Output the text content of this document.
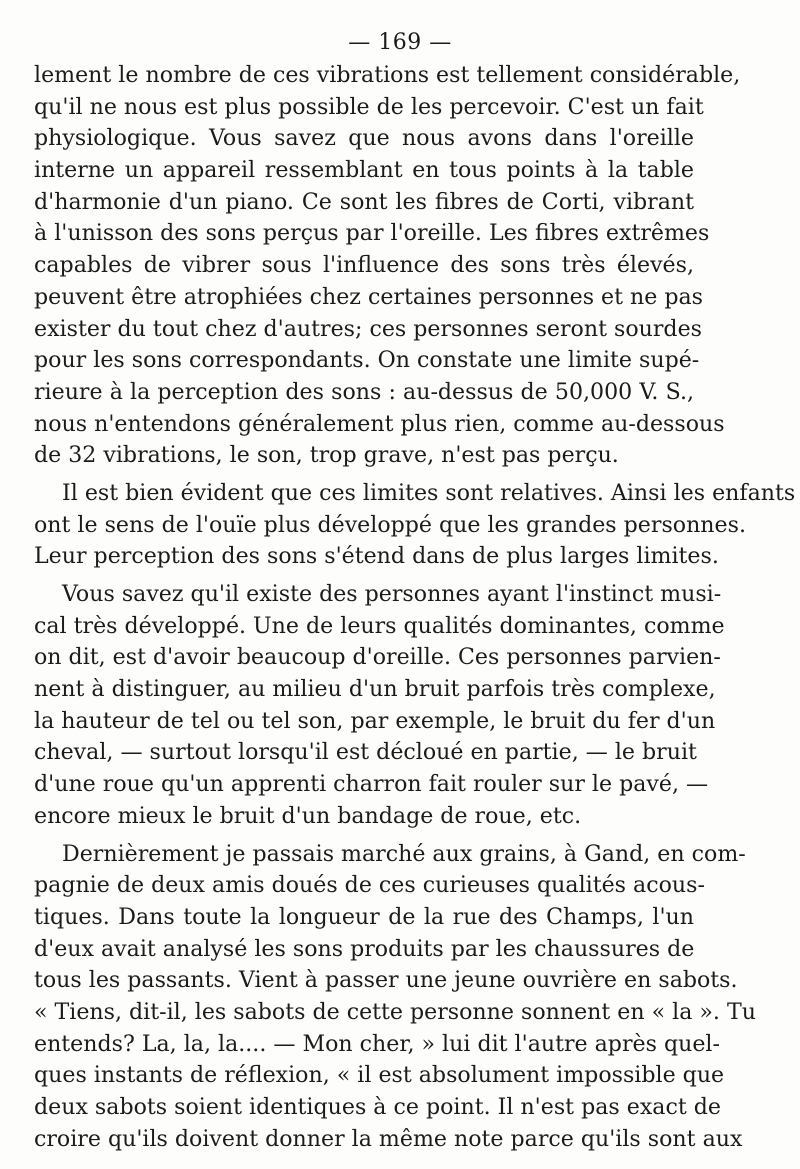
— 169 —
lement le nombre de ces vibrations est tellement considérable,
qu'il ne nous est plus possible de les percevoir. C'est un fait
physiologique. Vous savez que nous avons dans l'oreille
interne un appareil ressemblant en tous points à la table
d'harmonie d'un piano. Ce sont les fibres de Corti, vibrant
à l'unisson des sons perçus par l'oreille. Les fibres extrêmes
capables de vibrer sous l'influence des sons très élevés,
peuvent être atrophiées chez certaines personnes et ne pas
exister du tout chez d'autres; ces personnes seront sourdes
pour les sons correspondants. On constate une limite supé-
rieure à la perception des sons : au-dessus de 50,000 V. S.,
nous n'entendons généralement plus rien, comme au-dessous
de 32 vibrations, le son, trop grave, n'est pas perçu.
Il est bien évident que ces limites sont relatives. Ainsi les enfants
ont le sens de l'ouïe plus développé que les grandes personnes.
Leur perception des sons s'étend dans de plus larges limites.
Vous savez qu'il existe des personnes ayant l'instinct musi-
cal très développé. Une de leurs qualités dominantes, comme
on dit, est d'avoir beaucoup d'oreille. Ces personnes parvien-
nent à distinguer, au milieu d'un bruit parfois très complexe,
la hauteur de tel ou tel son, par exemple, le bruit du fer d'un
cheval, — surtout lorsqu'il est décloué en partie, — le bruit
d'une roue qu'un apprenti charron fait rouler sur le pavé, —
encore mieux le bruit d'un bandage de roue, etc.
Dernièrement je passais marché aux grains, à Gand, en com-
pagnie de deux amis doués de ces curieuses qualités acous-
tiques. Dans toute la longueur de la rue des Champs, l'un
d'eux avait analysé les sons produits par les chaussures de
tous les passants. Vient à passer une jeune ouvrière en sabots.
« Tiens, dit-il, les sabots de cette personne sonnent en « la ». Tu
entends? La, la, la.... — Mon cher, » lui dit l'autre après quel-
ques instants de réflexion, « il est absolument impossible que
deux sabots soient identiques à ce point. Il n'est pas exact de
croire qu'ils doivent donner la même note parce qu'ils sont aux
